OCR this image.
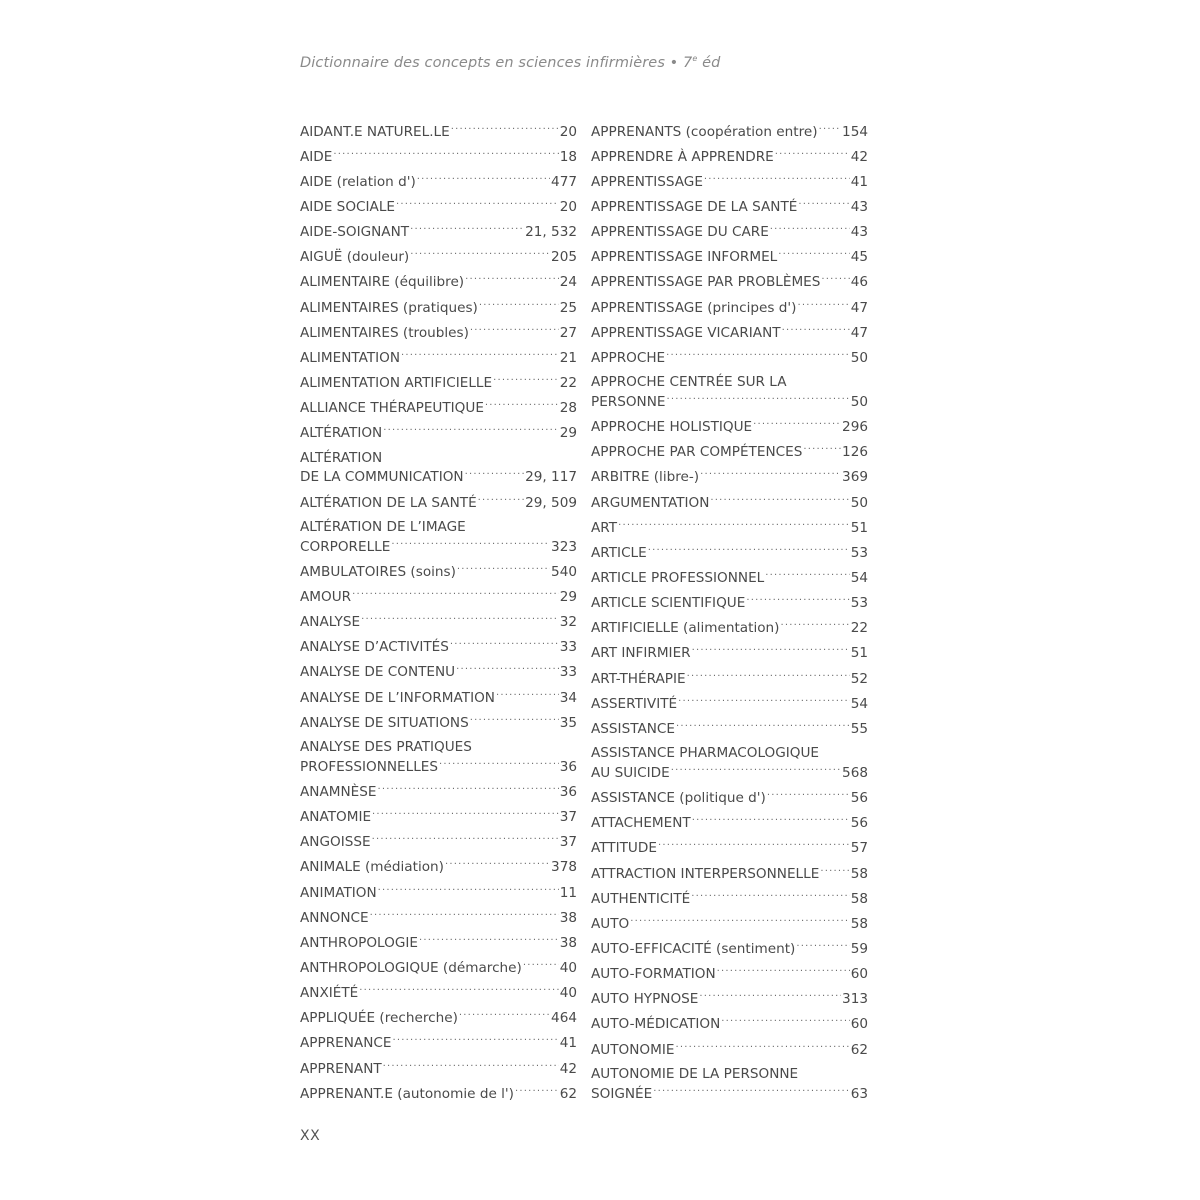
Dictionnaire des concepts en sciences infirmières • 7e éd
AIDANT.E NATUREL.LE .....	20
AIDE .....	18
AIDE (relation d') .....	477
AIDE SOCIALE .....	20
AIDE-SOIGNANT .....	21, 532
AIGUË (douleur) .....	205
ALIMENTAIRE (équilibre) .....	24
ALIMENTAIRES (pratiques) .....	25
ALIMENTAIRES (troubles) .....	27
ALIMENTATION .....	21
ALIMENTATION ARTIFICIELLE .....	22
ALLIANCE THÉRAPEUTIQUE .....	28
ALTÉRATION .....	29
ALTÉRATION
DE LA COMMUNICATION .....	29, 117
ALTÉRATION DE LA SANTÉ .....	29, 509
ALTÉRATION DE L’IMAGE
CORPORELLE .....	323
AMBULATOIRES (soins) .....	540
AMOUR .....	29
ANALYSE .....	32
ANALYSE D’ACTIVITÉS .....	33
ANALYSE DE CONTENU .....	33
ANALYSE DE L’INFORMATION .....	34
ANALYSE DE SITUATIONS .....	35
ANALYSE DES PRATIQUES
PROFESSIONNELLES .....	36
ANAMNÈSE .....	36
ANATOMIE .....	37
ANGOISSE .....	37
ANIMALE (médiation) .....	378
ANIMATION .....	11
ANNONCE .....	38
ANTHROPOLOGIE .....	38
ANTHROPOLOGIQUE (démarche) .....	40
ANXIÉTÉ .....	40
APPLIQUÉE (recherche) .....	464
APPRENANCE .....	41
APPRENANT .....	42
APPRENANT.E (autonomie de l') .....	62
APPRENANTS (coopération entre) ..... 154
APPRENDRE À APPRENDRE .....	42
APPRENTISSAGE .....	41
APPRENTISSAGE DE LA SANTÉ .....	43
APPRENTISSAGE DU CARE .....	43
APPRENTISSAGE INFORMEL .....	45
APPRENTISSAGE PAR PROBLÈMES ..... 46
APPRENTISSAGE (principes d') .....	47
APPRENTISSAGE VICARIANT .....	47
APPROCHE .....	50
APPROCHE CENTRÉE SUR LA
PERSONNE .....	50
APPROCHE HOLISTIQUE .....	296
APPROCHE PAR COMPÉTENCES .....	126
ARBITRE (libre-) .....	369
ARGUMENTATION .....	50
ART .....	51
ARTICLE .....	53
ARTICLE PROFESSIONNEL .....	54
ARTICLE SCIENTIFIQUE .....	53
ARTIFICIELLE (alimentation) .....	22
ART INFIRMIER .....	51
ART-THÉRAPIE .....	52
ASSERTIVITÉ .....	54
ASSISTANCE .....	55
ASSISTANCE PHARMACOLOGIQUE
AU SUICIDE .....	568
ASSISTANCE (politique d') .....	56
ATTACHEMENT .....	56
ATTITUDE .....	57
ATTRACTION INTERPERSONNELLE ..... 58
AUTHENTICITÉ .....	58
AUTO .....	58
AUTO-EFFICACITÉ (sentiment) .....	59
AUTO-FORMATION .....	60
AUTO HYPNOSE .....	313
AUTO-MÉDICATION .....	60
AUTONOMIE .....	62
AUTONOMIE DE LA PERSONNE
SOIGNÉE .....	63
XX
